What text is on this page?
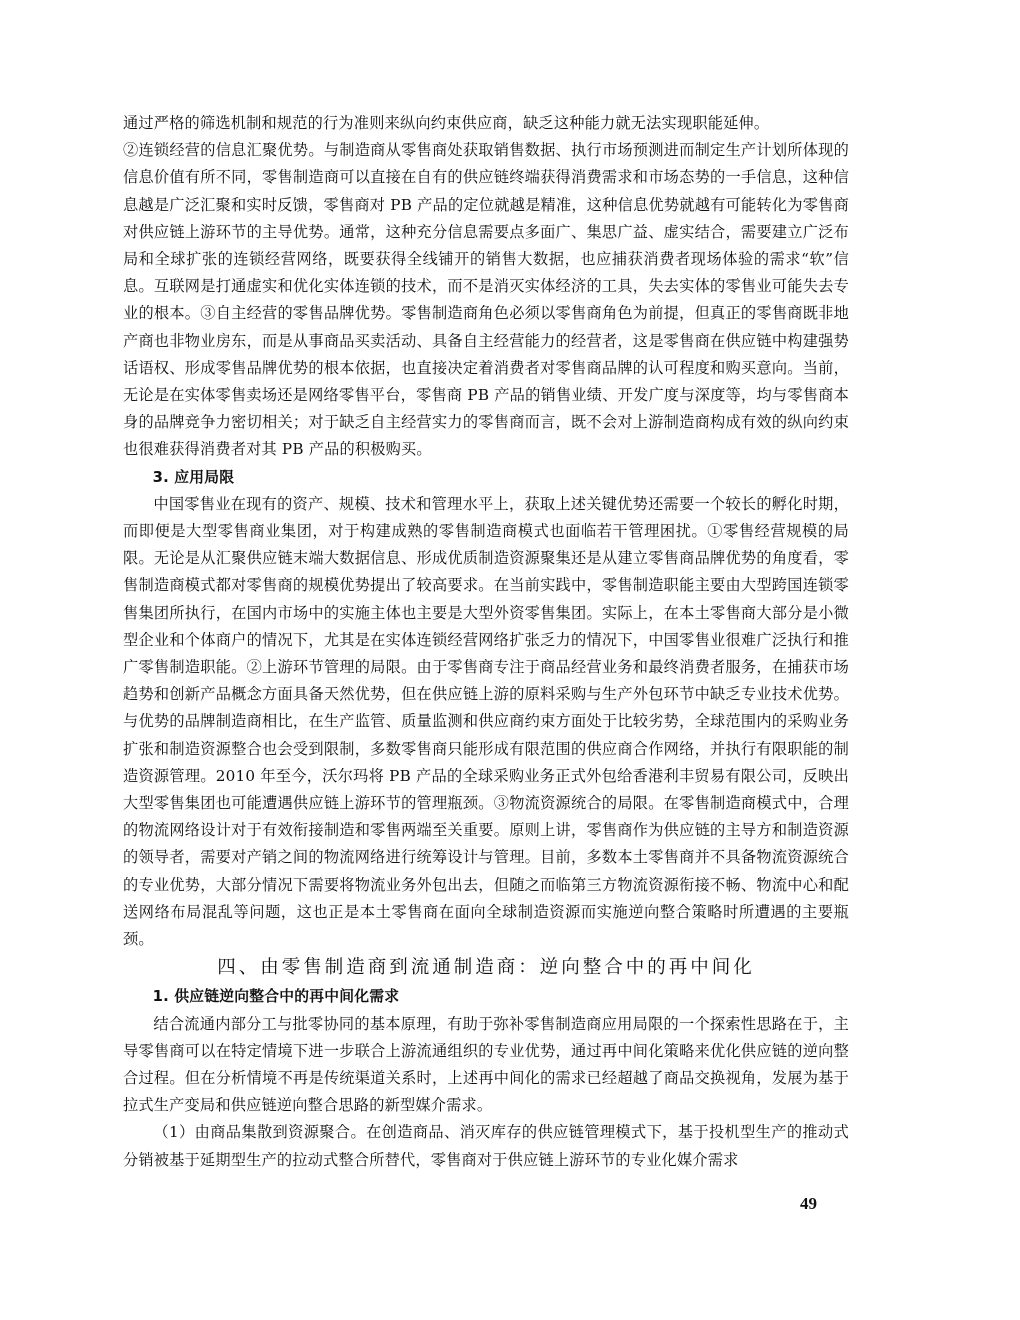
通过严格的筛选机制和规范的行为准则来纵向约束供应商，缺乏这种能力就无法实现职能延伸。

②连锁经营的信息汇聚优势。与制造商从零售商处获取销售数据、执行市场预测进而制定生产计划所体现的信息价值有所不同，零售制造商可以直接在自有的供应链终端获得消费需求和市场态势的一手信息，这种信息越是广泛汇聚和实时反馈，零售商对 PB 产品的定位就越是精准，这种信息优势就越有可能转化为零售商对供应链上游环节的主导优势。通常，这种充分信息需要点多面广、集思广益、虚实结合，需要建立广泛布局和全球扩张的连锁经营网络，既要获得全线铺开的销售大数据，也应捕获消费者现场体验的需求“软”信息。互联网是打通虚实和优化实体连锁的技术，而不是消灭实体经济的工具，失去实体的零售业可能失去专业的根本。③自主经营的零售品牌优势。零售制造商角色必须以零售商角色为前提，但真正的零售商既非地产商也非物业房东，而是从事商品买卖活动、具备自主经营能力的经营者，这是零售商在供应链中构建强势话语权、形成零售品牌优势的根本依据，也直接决定着消费者对零售商品牌的认可程度和购买意向。当前，无论是在实体零售卖场还是网络零售平台，零售商 PB 产品的销售业绩、开发广度与深度等，均与零售商本身的品牌竞争力密切相关；对于缺乏自主经营实力的零售商而言，既不会对上游制造商构成有效的纵向约束也很难获得消费者对其 PB 产品的积极购买。

3. 应用局限

中国零售业在现有的资产、规模、技术和管理水平上，获取上述关键优势还需要一个较长的孵化时期，而即便是大型零售商业集团，对于构建成熟的零售制造商模式也面临若干管理困扰。①零售经营规模的局限。无论是从汇聚供应链末端大数据信息、形成优质制造资源聚集还是从建立零售商品牌优势的角度看，零售制造商模式都对零售商的规模优势提出了较高要求。在当前实践中，零售制造职能主要由大型跨国连锁零售集团所执行，在国内市场中的实施主体也主要是大型外资零售集团。实际上，在本土零售商大部分是小微型企业和个体商户的情况下，尤其是在实体连锁经营网络扩张乏力的情况下，中国零售业很难广泛执行和推广零售制造职能。②上游环节管理的局限。由于零售商专注于商品经营业务和最终消费者服务，在捕获市场趋势和创新产品概念方面具备天然优势，但在供应链上游的原料采购与生产外包环节中缺乏专业技术优势。与优势的品牌制造商相比，在生产监管、质量监测和供应商约束方面处于比较劣势，全球范围内的采购业务扩张和制造资源整合也会受到限制，多数零售商只能形成有限范围的供应商合作网络，并执行有限职能的制造资源管理。2010 年至今，沃尔玛将 PB 产品的全球采购业务正式外包给香港利丰贸易有限公司，反映出大型零售集团也可能遭遇供应链上游环节的管理瓶颈。③物流资源统合的局限。在零售制造商模式中，合理的物流网络设计对于有效衔接制造和零售两端至关重要。原则上讲，零售商作为供应链的主导方和制造资源的领导者，需要对产销之间的物流网络进行统筹设计与管理。目前，多数本土零售商并不具备物流资源统合的专业优势，大部分情况下需要将物流业务外包出去，但随之而临第三方物流资源衔接不畅、物流中心和配送网络布局混乱等问题，这也正是本土零售商在面向全球制造资源而实施逆向整合策略时所遭遇的主要瓶颈。

四、由零售制造商到流通制造商：逆向整合中的再中间化

1. 供应链逆向整合中的再中间化需求

结合流通内部分工与批零协同的基本原理，有助于弥补零售制造商应用局限的一个探索性思路在于，主导零售商可以在特定情境下进一步联合上游流通组织的专业优势，通过再中间化策略来优化供应链的逆向整合过程。但在分析情境不再是传统渠道关系时，上述再中间化的需求已经超越了商品交换视角，发展为基于拉式生产变局和供应链逆向整合思路的新型媒介需求。

（1）由商品集散到资源聚合。在创造商品、消灭库存的供应链管理模式下，基于投机型生产的推动式分销被基于延期型生产的拉动式整合所替代，零售商对于供应链上游环节的专业化媒介需求

49
